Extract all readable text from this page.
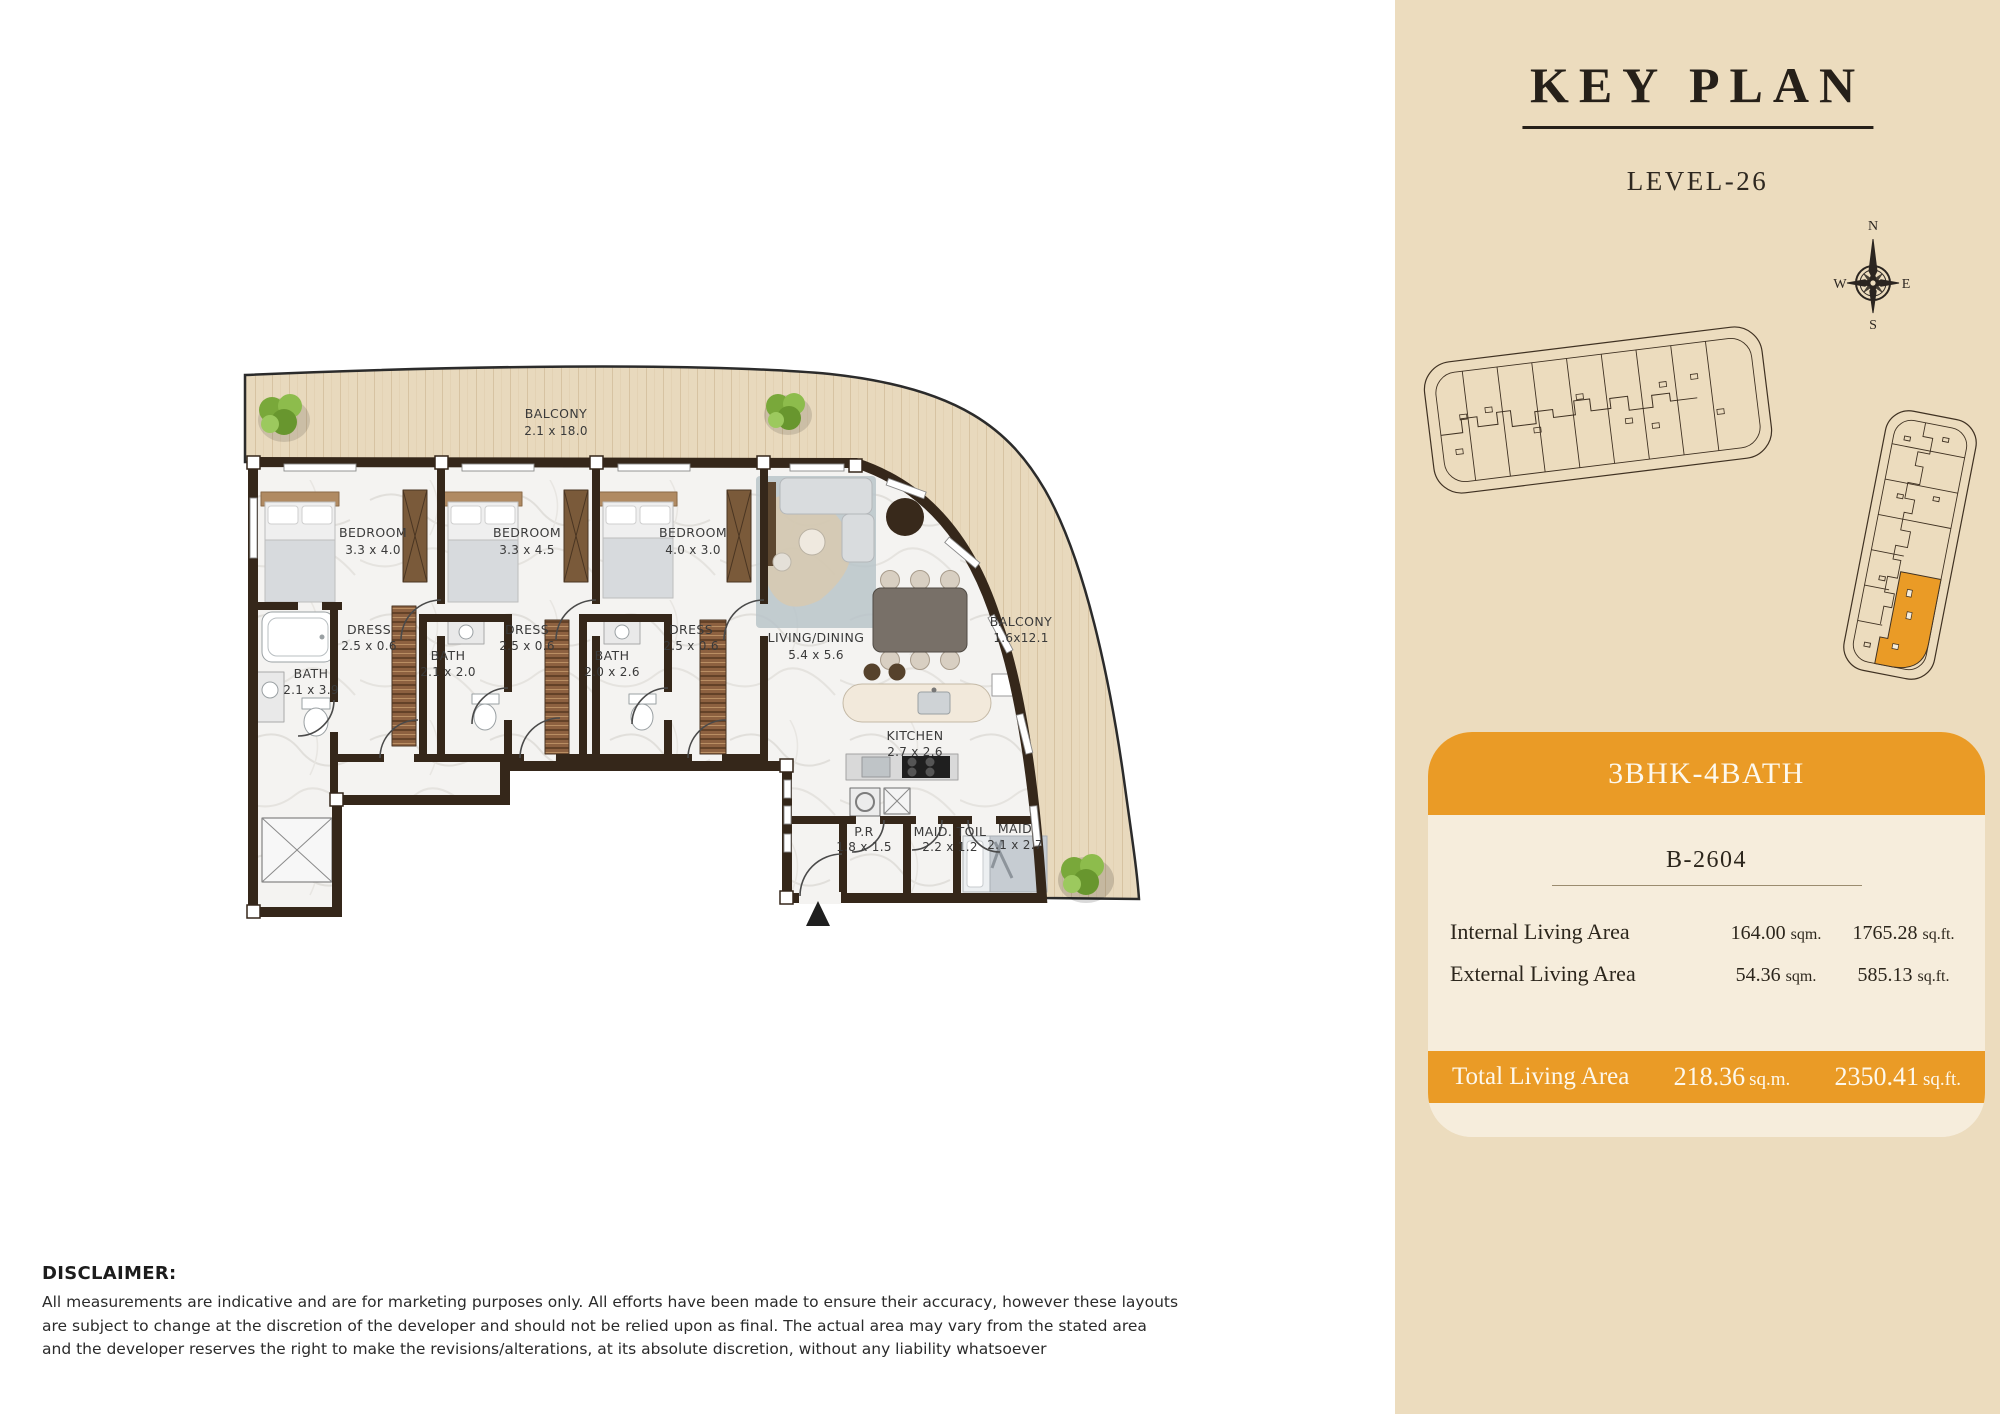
BALCONY
2.1 x 18.0
BEDROOM
3.3 x 4.0
BEDROOM
3.3 x 4.5
BEDROOM
4.0 x 3.0
DRESS
2.5 x 0.6
DRESS
2.5 x 0.6
DRESS
2.5 x 0.6
BATH
2.1 x 3.9
BATH
2.1 x 2.0
BATH
2.0 x 2.6
LIVING/DINING
5.4 x 5.6
BALCONY
1.6x12.1
KITCHEN
2.7 x 2.6
P.R
1.8 x 1.5
MAID. TOIL
2.2 x 1.2
MAID
2.1 x 2.7
DISCLAIMER:
All measurements are indicative and are for marketing purposes only. All efforts have been made to ensure their accuracy, however these layouts
are subject to change at the discretion of the developer and should not be relied upon as final. The actual area may vary from the stated area
and the developer reserves the right to make the revisions/alterations, at its absolute discretion, without any liability whatsoever
KEY PLAN
LEVEL-26
N
E
S
W
3BHK-4BATH
B-2604
Internal Living Area	164.00 sqm.	1765.28 sq.ft.
External Living Area	54.36 sqm.	585.13 sq.ft.
Total Living Area 218.36 sq.m. 2350.41 sq.ft.
